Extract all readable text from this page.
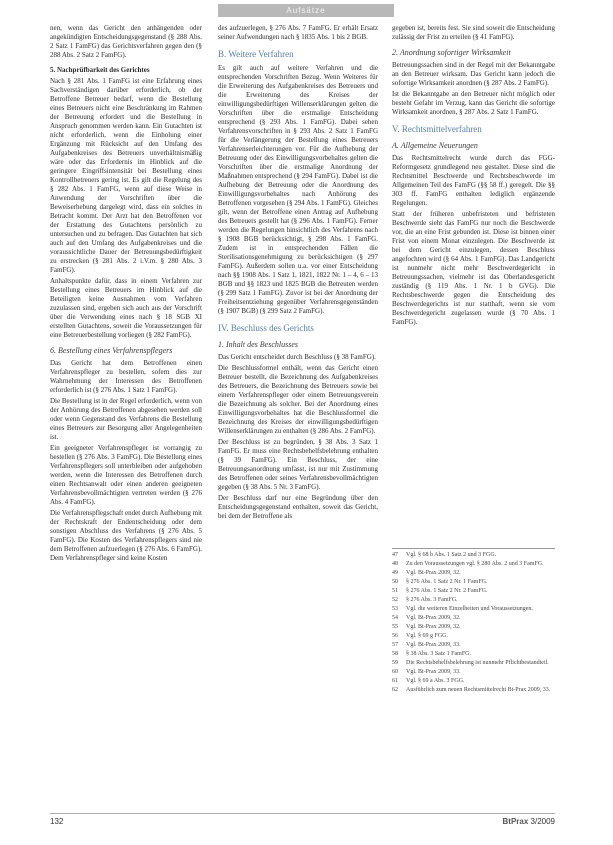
Aufsätze

nen, wenn das Gericht den anhängenden oder angekündigten Entscheidungsgegenstand (§ 288 Abs. 2 Satz 1 FamFG) das Gerichtsverfahren gegen den (§ 288 Abs. 2 Satz 2 FamFG).

5. Nachprüfbarkeit des Gerichtes

Nach § 281 Abs. 1 FamFG ist eine Erfahrung eines Sachverständigen darüber erforderlich, ob der Betroffene Betreuer bedarf, wenn die Bestellung eines Betreuers nicht eine Beschränkung im Rahmen der Betreuung erfordert und die Bestellung in Anspruch genommen werden kann. Ein Gutachten ist nicht erforderlich, wenn die Einholung einer Ergänzung mit Rücksicht auf den Umfang des Aufgabenkreises des Betreuers unverhältnismäßig wäre oder das Erfordernis im Hinblick auf die geringere Eingriffsintensität bei Bestellung eines Kontrollbetreuers gering ist. Es gilt die Regelung des § 282 Abs. 1 FamFG, wenn auf diese Weise in Anwendung der Vorschriften über die Beweiserhebung dargelegt wird, dass ein solches in Betracht kommt. Der Arzt hat den Betroffenen vor der Erstattung des Gutachtens persönlich zu untersuchen und zu befragen. Das Gutachten hat sich auch auf den Umfang des Aufgabenkreises und die voraussichtliche Dauer der Betreuungsbedürftigkeit zu erstrecken (§ 281 Abs. 2 i.V.m. § 280 Abs. 3 FamFG).

Anhaltspunkte dafür, dass in einem Verfahren zur Bestellung eines Betreuers im Hinblick auf die Beteiligten keine Ausnahmen vom Verfahren zuzulassen sind, ergeben sich auch aus der Vorschrift über die Verwendung eines nach § 18 SGB XI erstellten Gutachtens, soweit die Voraussetzungen für eine Betreuerbestellung vorliegen (§ 282 FamFG).

6. Bestellung eines Verfahrenspflegers

Das Gericht hat dem Betroffenen einen Verfahrenspfleger zu bestellen, sofern dies zur Wahrnehmung der Interessen des Betroffenen erforderlich ist (§ 276 Abs. 1 Satz 1 FamFG).

Die Bestellung ist in der Regel erforderlich, wenn von der Anhörung des Betroffenen abgesehen werden soll oder wenn Gegenstand des Verfahrens die Bestellung eines Betreuers zur Besorgung aller Angelegenheiten ist.

Ein geeigneter Verfahrenspfleger ist vorrangig zu bestellen (§ 276 Abs. 3 FamFG). Die Bestellung eines Verfahrenspflegers soll unterbleiben oder aufgehoben werden, wenn die Interessen des Betroffenen durch einen Rechtsanwalt oder einen anderen geeigneten Verfahrensbevollmächtigten vertreten werden (§ 276 Abs. 4 FamFG).

Die Verfahrenspflegschaft endet durch Aufhebung mit der Rechtskraft der Endentscheidung oder dem sonstigen Abschluss des Verfahrens (§ 276 Abs. 5 FamFG). Die Kosten des Verfahrenspflegers sind nie dem Betroffenen aufzuerlegen (§ 276 Abs. 6 FamFG). Dem Verfahrenspfleger sind keine Kosten

des aufzuerlegen, § 276 Abs. 7 FamFG. Er erhält Ersatz seiner Aufwendungen nach § 1835 Abs. 1 bis 2 BGB.

B. Weitere Verfahren

Es gilt auch auf weitere Verfahren und die entsprechenden Vorschriften Bezug. Wenn Weiteres für die Erweiterung des Aufgabenkreises des Betreuers und die Erweiterung des Kreises der einwilligungsbedürftigen Willenserklärungen gelten die Vorschriften über die erstmalige Entscheidung entsprechend (§ 293 Abs. 1 FamFG). Dabei sehen Verfahrensvorschriften in § 293 Abs. 2 Satz 1 FamFG für die Verlängerung der Bestellung eines Betreuers Verfahrenserleichterungen vor. Für die Aufhebung der Betreuung oder des Einwilligungsvorbehaltes gelten die Vorschriften über die erstmalige Anordnung der Maßnahmen entsprechend (§ 294 FamFG). Dabei ist die Aufhebung der Betreuung oder die Anordnung des Einwilligungsvorbehaltes nach Anhörung des Betroffenen vorgesehen (§ 294 Abs. 1 FamFG). Gleiches gilt, wenn der Betroffene einen Antrag auf Aufhebung des Betreuers gestellt hat (§ 296 Abs. 1 FamFG). Ferner werden die Regelungen hinsichtlich des Verfahrens nach § 1908 BGB berücksichtigt, § 298 Abs. 1 FamFG. Zudem ist in entsprechenden Fällen die Sterilisationsgenehmigung zu berücksichtigen (§ 297 FamFG). Außerdem sollen u.a. vor einer Entscheidung nach §§ 1908 Abs. 1 Satz 1, 1821, 1822 Nr. 1 – 4, 6 – 13 BGB und §§ 1823 und 1825 BGB die Betreuten werden (§ 299 Satz 1 FamFG). Zuvor ist bei der Anordnung der Freiheitsentziehung gegenüber Verfahrensgegenständen (§ 1907 BGB) (§ 299 Satz 2 FamFG).

IV. Beschluss des Gerichts
1. Inhalt des Beschlusses

Das Gericht entscheidet durch Beschluss (§ 38 FamFG).

Die Beschlussformel enthält, wenn das Gericht einen Betreuer bestellt, die Bezeichnung des Aufgabenkreises des Betreuers, die Bezeichnung des Betreuers sowie bei einem Verfahrenspfleger oder einem Betreuungsverein die Bezeichnung als solcher. Bei der Anordnung eines Einwilligungsvorbehaltes hat die Beschlussformel die Bezeichnung des Kreises der einwilligungsbedürftigen Willenserklärungen zu enthalten (§ 286 Abs. 2 FamFG).

Der Beschluss ist zu begründen, § 38 Abs. 3 Satz 1 FamFG. Er muss eine Rechtsbehelfsbelehrung enthalten (§ 39 FamFG). Ein Beschluss, der eine Betreuungsanordnung umfasst, ist nur mit Zustimmung des Betroffenen oder seines Verfahrensbevollmächtigten gegeben (§ 38 Abs. 5 Nr. 3 FamFG).

Der Beschluss darf nur eine Begründung über den Entscheidungsgegenstand enthalten, soweit das Gericht, bei dem der Betroffene als

gegeben ist, bereits fest. Sie sind soweit die Entscheidung zulässig der Frist zu erteilen (§ 41 FamFG).

2. Anordnung sofortiger Wirksamkeit

Betreuungssachen sind in der Regel mit der Bekanntgabe an den Betreuer wirksam. Das Gericht kann jedoch die sofortige Wirksamkeit anordnen (§ 287 Abs. 2 FamFG).

Ist die Bekanntgabe an den Betreuer nicht möglich oder besteht Gefahr im Verzug, kann das Gericht die sofortige Wirksamkeit anordnen, § 287 Abs. 2 Satz 1 FamFG.

V. Rechtsmittelverfahren
A. Allgemeine Neuerungen

Das Rechtsmittelrecht wurde durch das FGG-Reformgesetz grundlegend neu gestaltet. Diese sind die Rechtsmittel Beschwerde und Rechtsbeschwerde im Allgemeinen Teil des FamFG (§§ 58 ff.) geregelt. Die §§ 303 ff. FamFG enthalten lediglich ergänzende Regelungen.

Statt der früheren unbefristeten und befristeten Beschwerde sieht das FamFG nur noch die Beschwerde vor, die an eine Frist gebunden ist. Diese ist binnen einer Frist von einem Monat einzulegen. Die Beschwerde ist bei dem Gericht einzulegen, dessen Beschluss angefochten wird (§ 64 Abs. 1 FamFG). Das Landgericht ist nunmehr nicht mehr Beschwerdegericht in Betreuungssachen, vielmehr ist das Oberlandesgericht zuständig (§ 119 Abs. 1 Nr. 1 b GVG). Die Rechtsbeschwerde gegen die Entscheidung des Beschwerdegerichts ist nur statthaft, wenn sie vom Beschwerdegericht zugelassen wurde (§ 70 Abs. 1 FamFG).

47	Vgl. § 68 b Abs. 1 Satz 2 und 3 FGG.
48	Zu den Voraussetzungen vgl. § 280 Abs. 2 und 3 FamFG.
49	Vgl. Bt-Prax 2009, 32.
50	§ 276 Abs. 1 Satz 2 Nr. 1 FamFG.
51	§ 276 Abs. 1 Satz 2 Nr. 2 FamFG.
52	§ 276 Abs. 3 FamFG.
53	Vgl. die weiteren Einzelheiten und Voraussetzungen.
54	Vgl. Bt-Prax 2009, 32.
55	Vgl. Bt-Prax 2009, 32.
56	Vgl. § 69 g FGG.
57	Vgl. Bt-Prax 2009, 33.
58	§ 38 Abs. 3 Satz 1 FamFG.
59	Die Rechtsbehelfsbelehrung ist nunmehr Pflichtbestandteil.
60	Vgl. Bt-Prax 2009, 33.
61	Vgl. § 69 a Abs. 3 FGG.
62	Ausführlich zum neuen Rechtsmittelrecht Bt-Prax 2009, 33.
132	BtPrax 3/2009
